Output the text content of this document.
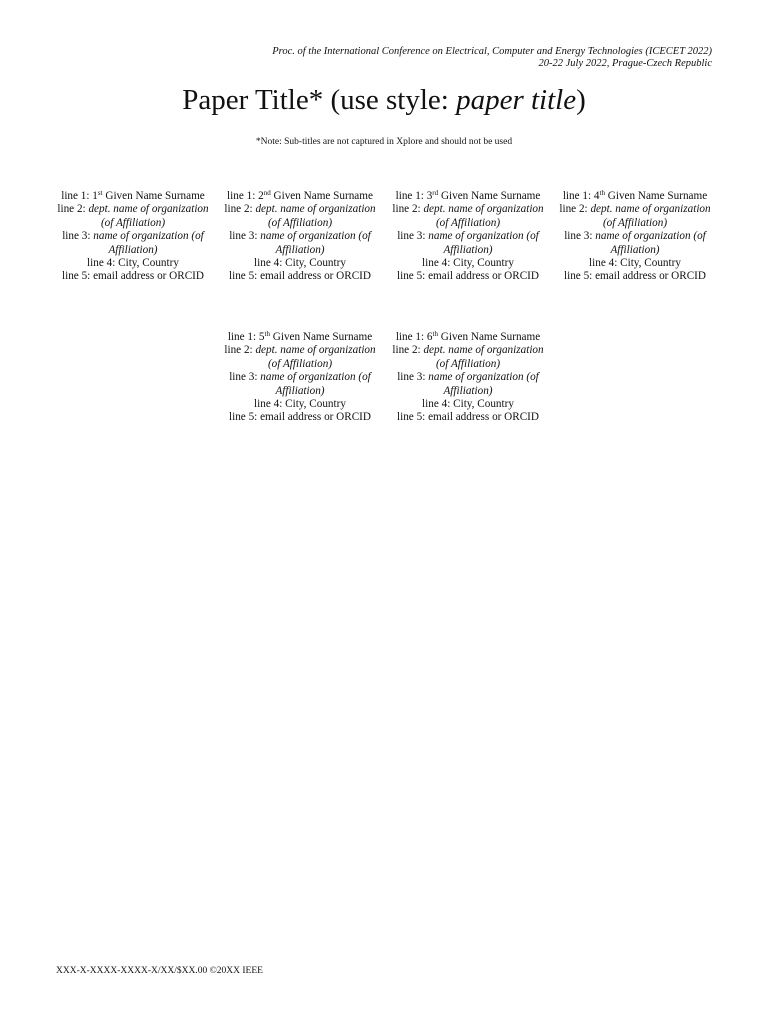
Proc. of the International Conference on Electrical, Computer and Energy Technologies (ICECET 2022)
20-22 July 2022, Prague-Czech Republic
Paper Title* (use style: paper title)
*Note: Sub-titles are not captured in Xplore and should not be used
line 1: 1st Given Name Surname
line 2: dept. name of organization
(of Affiliation)
line 3: name of organization (of
Affiliation)
line 4: City, Country
line 5: email address or ORCID
line 1: 2nd Given Name Surname
line 2: dept. name of organization
(of Affiliation)
line 3: name of organization (of
Affiliation)
line 4: City, Country
line 5: email address or ORCID
line 1: 3rd Given Name Surname
line 2: dept. name of organization
(of Affiliation)
line 3: name of organization (of
Affiliation)
line 4: City, Country
line 5: email address or ORCID
line 1: 4th Given Name Surname
line 2: dept. name of organization
(of Affiliation)
line 3: name of organization (of
Affiliation)
line 4: City, Country
line 5: email address or ORCID
line 1: 5th Given Name Surname
line 2: dept. name of organization
(of Affiliation)
line 3: name of organization (of
Affiliation)
line 4: City, Country
line 5: email address or ORCID
line 1: 6th Given Name Surname
line 2: dept. name of organization
(of Affiliation)
line 3: name of organization (of
Affiliation)
line 4: City, Country
line 5: email address or ORCID
XXX-X-XXXX-XXXX-X/XX/$XX.00 ©20XX IEEE
